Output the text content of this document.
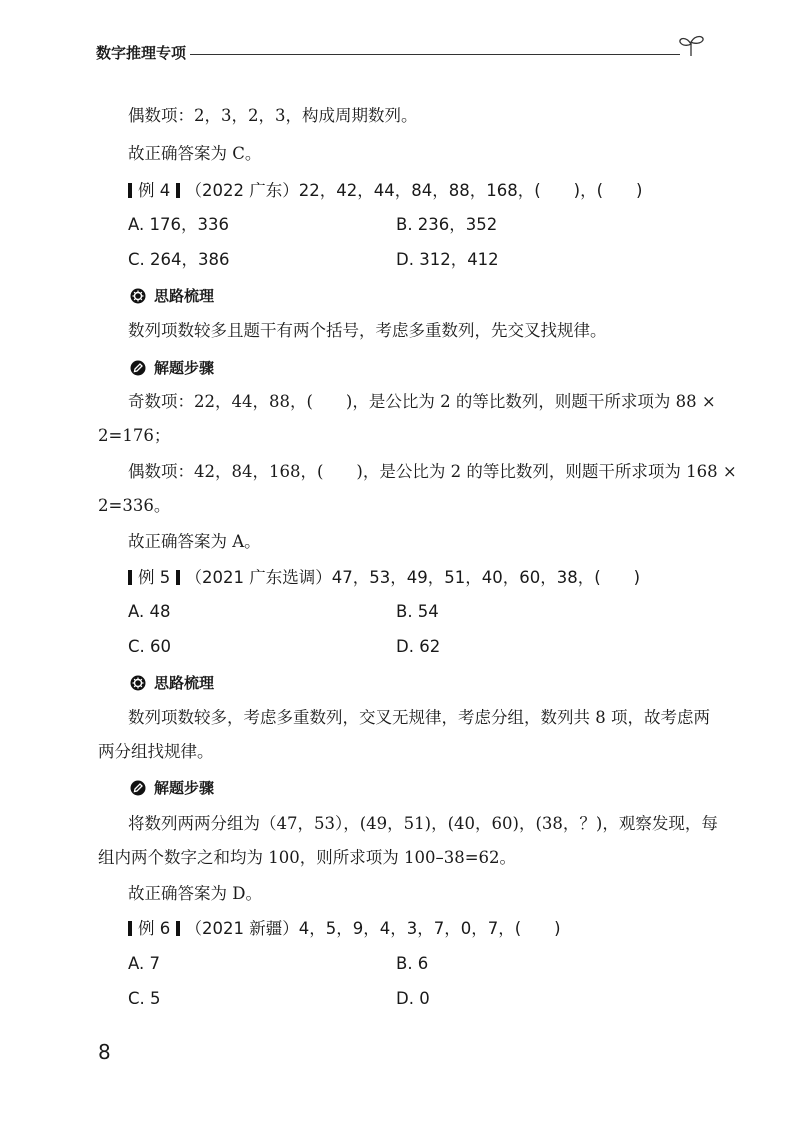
数字推理专项
偶数项：2，3，2，3，构成周期数列。
故正确答案为 C。
例 4 （2022 广东）22，42，44，84，88，168，(　　)，(　　)
A. 176，336	B. 236，352
C. 264，386	D. 312，412
思路梳理
数列项数较多且题干有两个括号，考虑多重数列，先交叉找规律。
解题步骤
奇数项：22，44，88，(　　)，是公比为 2 的等比数列，则题干所求项为 88 ×
2=176；
偶数项：42，84，168，(　　)，是公比为 2 的等比数列，则题干所求项为 168 ×
2=336。
故正确答案为 A。
例 5 （2021 广东选调）47，53，49，51，40，60，38，(　　)
A. 48	B. 54
C. 60	D. 62
思路梳理
数列项数较多，考虑多重数列，交叉无规律，考虑分组，数列共 8 项，故考虑两
两分组找规律。
解题步骤
将数列两两分组为（47，53），(49，51)，(40，60)，(38，？)，观察发现，每
组内两个数字之和均为 100，则所求项为 100–38=62。
故正确答案为 D。
例 6 （2021 新疆）4，5，9，4，3，7，0，7，(　　)
A. 7	B. 6
C. 5	D. 0
8
